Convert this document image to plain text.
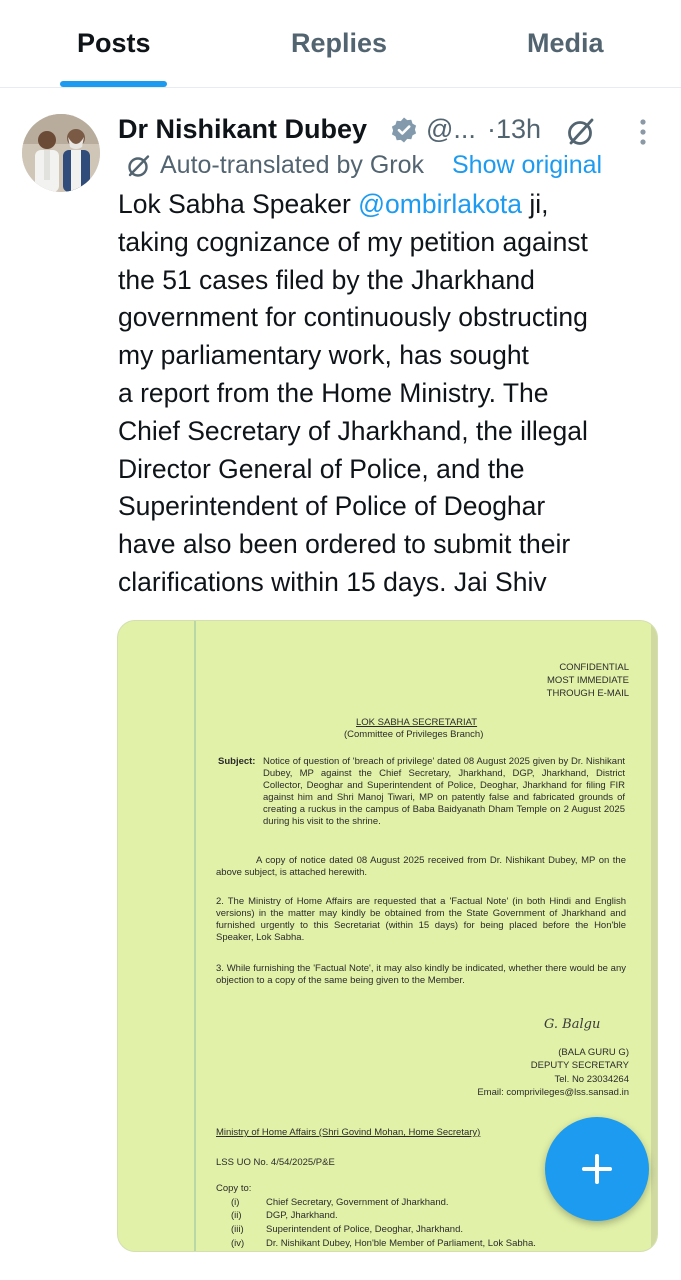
Posts	Replies	Media
Dr Nishikant Dubey @... ·13h
Auto-translated by Grok Show original
Lok Sabha Speaker @ombirlakota ji,
taking cognizance of my petition against
the 51 cases filed by the Jharkhand
government for continuously obstructing
my parliamentary work, has sought
a report from the Home Ministry. The
Chief Secretary of Jharkhand, the illegal
Director General of Police, and the
Superintendent of Police of Deoghar
have also been ordered to submit their
clarifications within 15 days. Jai Shiv
CONFIDENTIAL
MOST IMMEDIATE
THROUGH E-MAIL
LOK SABHA SECRETARIAT
(Committee of Privileges Branch)
Subject: Notice of question of 'breach of privilege' dated 08 August 2025 given by Dr. Nishikant Dubey, MP against the Chief Secretary, Jharkhand, DGP, Jharkhand, District Collector, Deoghar and Superintendent of Police, Deoghar, Jharkhand for filing FIR against him and Shri Manoj Tiwari, MP on patently false and fabricated grounds of creating a ruckus in the campus of Baba Baidyanath Dham Temple on 2 August 2025 during his visit to the shrine.
A copy of notice dated 08 August 2025 received from Dr. Nishikant Dubey, MP on the above subject, is attached herewith.
2. The Ministry of Home Affairs are requested that a 'Factual Note' (in both Hindi and English versions) in the matter may kindly be obtained from the State Government of Jharkhand and furnished urgently to this Secretariat (within 15 days) for being placed before the Hon'ble Speaker, Lok Sabha.
3. While furnishing the 'Factual Note', it may also kindly be indicated, whether there would be any objection to a copy of the same being given to the Member.
G. Balgu
(BALA GURU G)
DEPUTY SECRETARY
Tel. No 23034264
Email: comprivileges@lss.sansad.in
Ministry of Home Affairs (Shri Govind Mohan, Home Secretary)
LSS UO No. 4/54/2025/P&E
Copy to:
(i)	Chief Secretary, Government of Jharkhand.
(ii)	DGP, Jharkhand.
(iii) Superintendent of Police, Deoghar, Jharkhand.
(iv) Dr. Nishikant Dubey, Hon'ble Member of Parliament, Lok Sabha.
